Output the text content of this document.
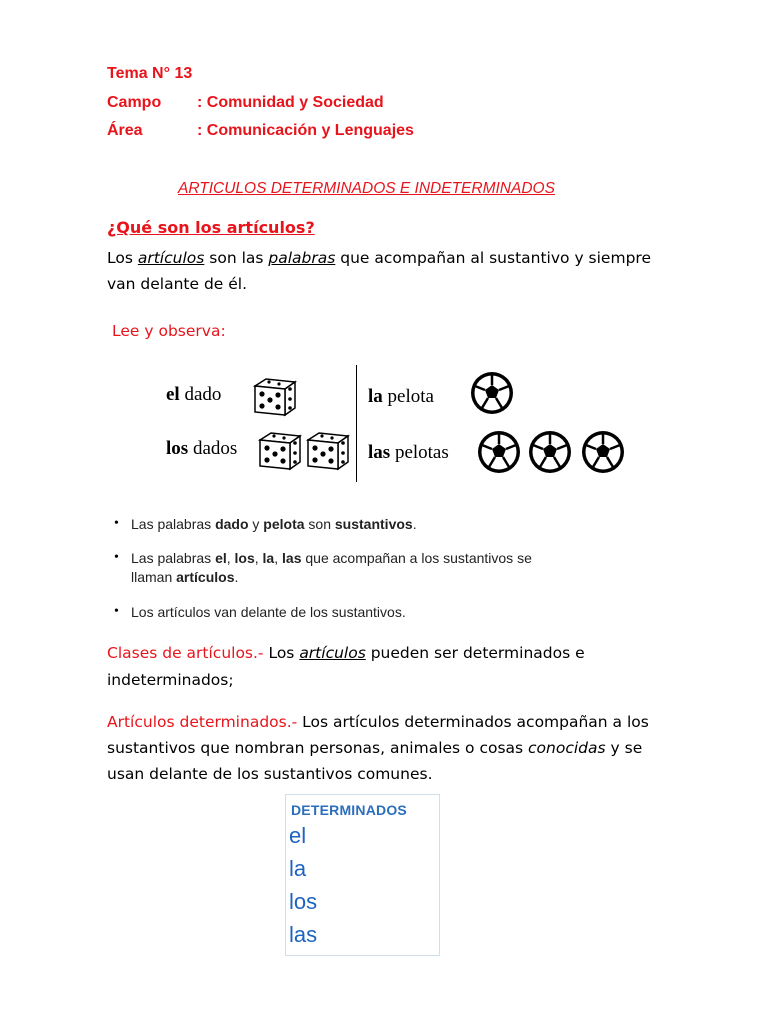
Tema N° 13
Campo : Comunidad y Sociedad
Área	: Comunicación y Lenguajes
ARTICULOS DETERMINADOS E INDETERMINADOS
¿Qué son los artículos?
Los artículos son las palabras que acompañan al sustantivo y siempre
van delante de él.
Lee y observa:
el dado
los dados
la pelota
las pelotas
• Las palabras dado y pelota son sustantivos.
• Las palabras el, los, la, las que acompañan a los sustantivos se
llaman artículos.
• Los artículos van delante de los sustantivos.
Clases de artículos.- Los artículos pueden ser determinados e
indeterminados;
Artículos determinados.- Los artículos determinados acompañan a los
sustantivos que nombran personas, animales o cosas conocidas y se
usan delante de los sustantivos comunes.
DETERMINADOS
el
la
los
las
